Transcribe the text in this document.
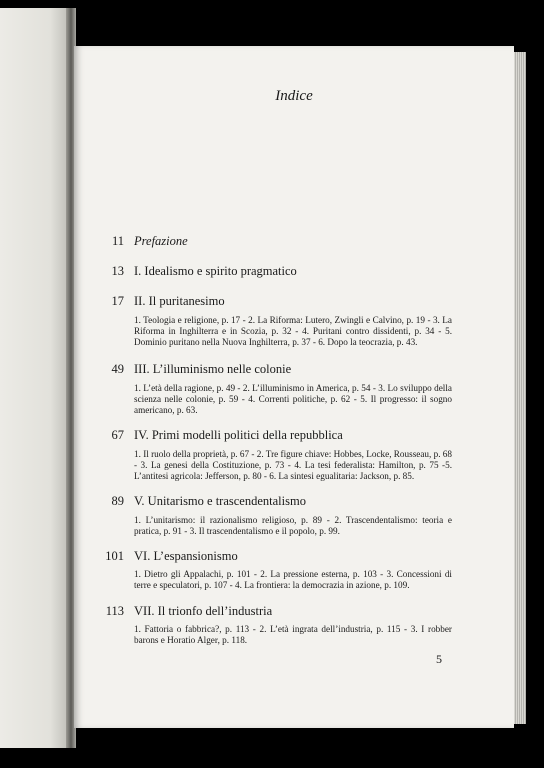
Indice
11 Prefazione
13 I. Idealismo e spirito pragmatico
17 II. Il puritanesimo
1. Teologia e religione, p. 17 - 2. La Riforma: Lutero, Zwingli e Calvino, p. 19 - 3. La Riforma in Inghilterra e in Scozia, p. 32 - 4. Puritani contro dissidenti, p. 34 - 5. Dominio puritano nella Nuova Inghilterra, p. 37 - 6. Dopo la teocrazia, p. 43.
49 III. L’illuminismo nelle colonie
1. L’età della ragione, p. 49 - 2. L’illuminismo in America, p. 54 - 3. Lo sviluppo della scienza nelle colonie, p. 59 - 4. Correnti politiche, p. 62 - 5. Il progresso: il sogno americano, p. 63.
67 IV. Primi modelli politici della repubblica
1. Il ruolo della proprietà, p. 67 - 2. Tre figure chiave: Hobbes, Locke, Rousseau, p. 68 - 3. La genesi della Costituzione, p. 73 - 4. La tesi federalista: Hamilton, p. 75 -5. L’antitesi agricola: Jefferson, p. 80 - 6. La sintesi egualitaria: Jackson, p. 85.
89 V. Unitarismo e trascendentalismo
1. L’unitarismo: il razionalismo religioso, p. 89 - 2. Trascendentalismo: teoria e pratica, p. 91 - 3. Il trascendentalismo e il popolo, p. 99.
101 VI. L’espansionismo
1. Dietro gli Appalachi, p. 101 - 2. La pressione esterna, p. 103 - 3. Concessioni di terre e speculatori, p. 107 - 4. La frontiera: la democrazia in azione, p. 109.
113 VII. Il trionfo dell’industria
1. Fattoria o fabbrica?, p. 113 - 2. L’età ingrata dell’industria, p. 115 - 3. I robber barons e Horatio Alger, p. 118.
5
